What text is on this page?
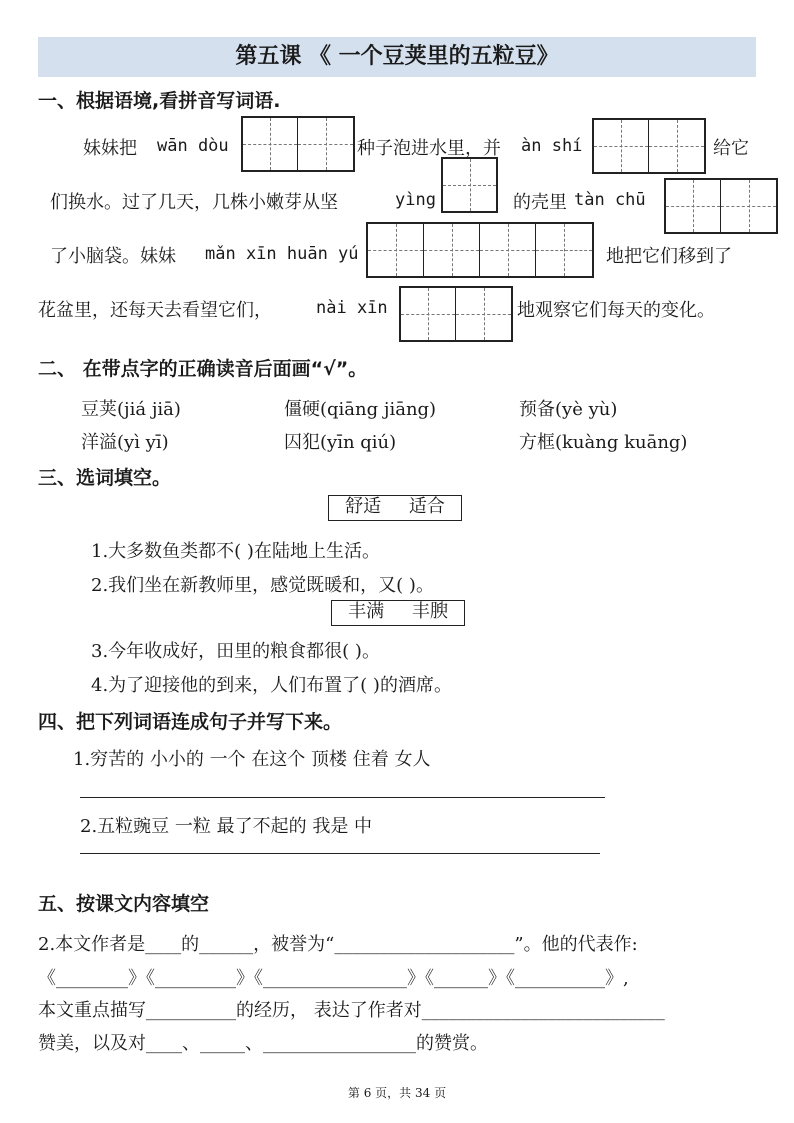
第五课 《 一个豆荚里的五粒豆》
一、根据语境,看拼音写词语.
妹妹把 wān dòu	种子泡进水里，并 àn shí	给它
们换水。过了几天，几株小嫩芽从坚	yìng	的壳里 tàn chū
了小脑袋。妹妹 mǎn xīn huān yú	地把它们移到了
花盆里，还每天去看望它们，	nài xīn	地观察它们每天的变化。
二、 在带点字的正确读音后面画“√”。
豆荚(jiá jiā)	僵硬(qiāng jiāng)	预备(yè yù)
洋溢(yì yī)	囚犯(yīn qiú)	方框(kuàng kuāng)
三、选词填空。
舒适 适合
1.大多数鱼类都不( )在陆地上生活。
2.我们坐在新教师里，感觉既暖和，又( )。
丰满 丰腴
3.今年收成好，田里的粮食都很( )。
4.为了迎接他的到来，人们布置了( )的酒席。
四、把下列词语连成句子并写下来。
1.穷苦的 小小的 一个 在这个 顶楼 住着 女人
2.五粒豌豆 一粒 最了不起的 我是 中
五、按课文内容填空
2.本文作者是____的______，被誉为“____________________”。他的代表作:
《________》《_________》《________________》《______》《__________》,
本文重点描写__________的经历， 表达了作者对___________________________
赞美，以及对____、_____、_________________的赞赏。
第 6 页，共 34 页
